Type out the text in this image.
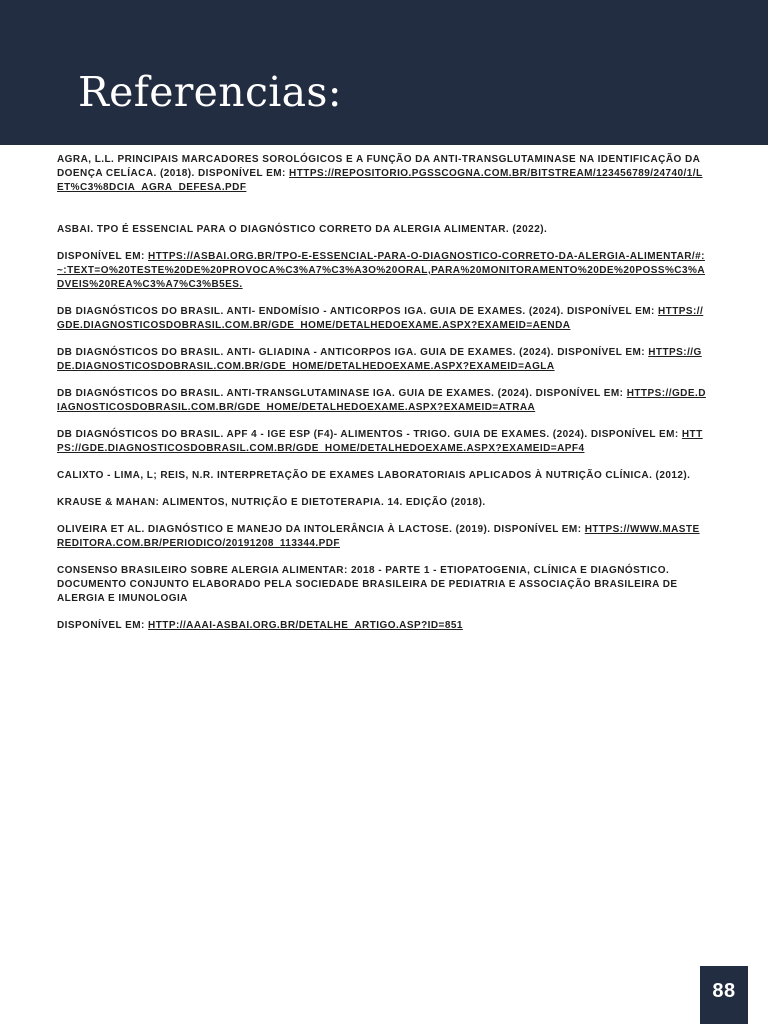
Referencias:

AGRA, L.L. PRINCIPAIS MARCADORES SOROLÓGICOS E A FUNÇÃO DA ANTI-TRANSGLUTAMINASE NA IDENTIFICAÇÃO DA DOENÇA CELÍACA. (2018). DISPONÍVEL EM: HTTPS://REPOSITORIO.PGSSCOGNA.COM.BR/BITSTREAM/123456789/24740/1/LET%C3%8DCIA_AGRA_DEFESA.PDF

ASBAI. TPO É ESSENCIAL PARA O DIAGNÓSTICO CORRETO DA ALERGIA ALIMENTAR. (2022).

DISPONÍVEL EM: HTTPS://ASBAI.ORG.BR/TPO-E-ESSENCIAL-PARA-O-DIAGNOSTICO-CORRETO-DA-ALERGIA-ALIMENTAR/#:~:TEXT=O%20TESTE%20DE%20PROVOCA%C3%A7%C3%A3O%20ORAL,PARA%20MONITORAMENTO%20DE%20POSS%C3%ADVEIS%20REA%C3%A7%C3%B5ES.

DB DIAGNÓSTICOS DO BRASIL. ANTI- ENDOMÍSIO - ANTICORPOS IGA. GUIA DE EXAMES. (2024). DISPONÍVEL EM: HTTPS://GDE.DIAGNOSTICOSDOBRASIL.COM.BR/GDE_HOME/DETALHEDOEXAME.ASPX?EXAMEID=AENDA

DB DIAGNÓSTICOS DO BRASIL. ANTI- GLIADINA - ANTICORPOS IGA. GUIA DE EXAMES. (2024). DISPONÍVEL EM: HTTPS://GDE.DIAGNOSTICOSDOBRASIL.COM.BR/GDE_HOME/DETALHEDOEXAME.ASPX?EXAMEID=AGLA

DB DIAGNÓSTICOS DO BRASIL. ANTI-TRANSGLUTAMINASE IGA. GUIA DE EXAMES. (2024). DISPONÍVEL EM: HTTPS://GDE.DIAGNOSTICOSDOBRASIL.COM.BR/GDE_HOME/DETALHEDOEXAME.ASPX?EXAMEID=ATRAA

DB DIAGNÓSTICOS DO BRASIL. APF 4 - IGE ESP (F4)- ALIMENTOS - TRIGO. GUIA DE EXAMES. (2024). DISPONÍVEL EM: HTTPS://GDE.DIAGNOSTICOSDOBRASIL.COM.BR/GDE_HOME/DETALHEDOEXAME.ASPX?EXAMEID=APF4

CALIXTO - LIMA, L; REIS, N.R. INTERPRETAÇÃO DE EXAMES LABORATORIAIS APLICADOS À NUTRIÇÃO CLÍNICA. (2012).

KRAUSE & MAHAN: ALIMENTOS, NUTRIÇÃO E DIETOTERAPIA. 14. EDIÇÃO (2018).

OLIVEIRA ET AL. DIAGNÓSTICO E MANEJO DA INTOLERÂNCIA À LACTOSE. (2019). DISPONÍVEL EM: HTTPS://WWW.MASTEREDITORA.COM.BR/PERIODICO/20191208_113344.PDF

CONSENSO BRASILEIRO SOBRE ALERGIA ALIMENTAR: 2018 - PARTE 1 - ETIOPATOGENIA, CLÍNICA E DIAGNÓSTICO. DOCUMENTO CONJUNTO ELABORADO PELA SOCIEDADE BRASILEIRA DE PEDIATRIA E ASSOCIAÇÃO BRASILEIRA DE ALERGIA E IMUNOLOGIA

DISPONÍVEL EM: HTTP://AAAI-ASBAI.ORG.BR/DETALHE_ARTIGO.ASP?ID=851

88
